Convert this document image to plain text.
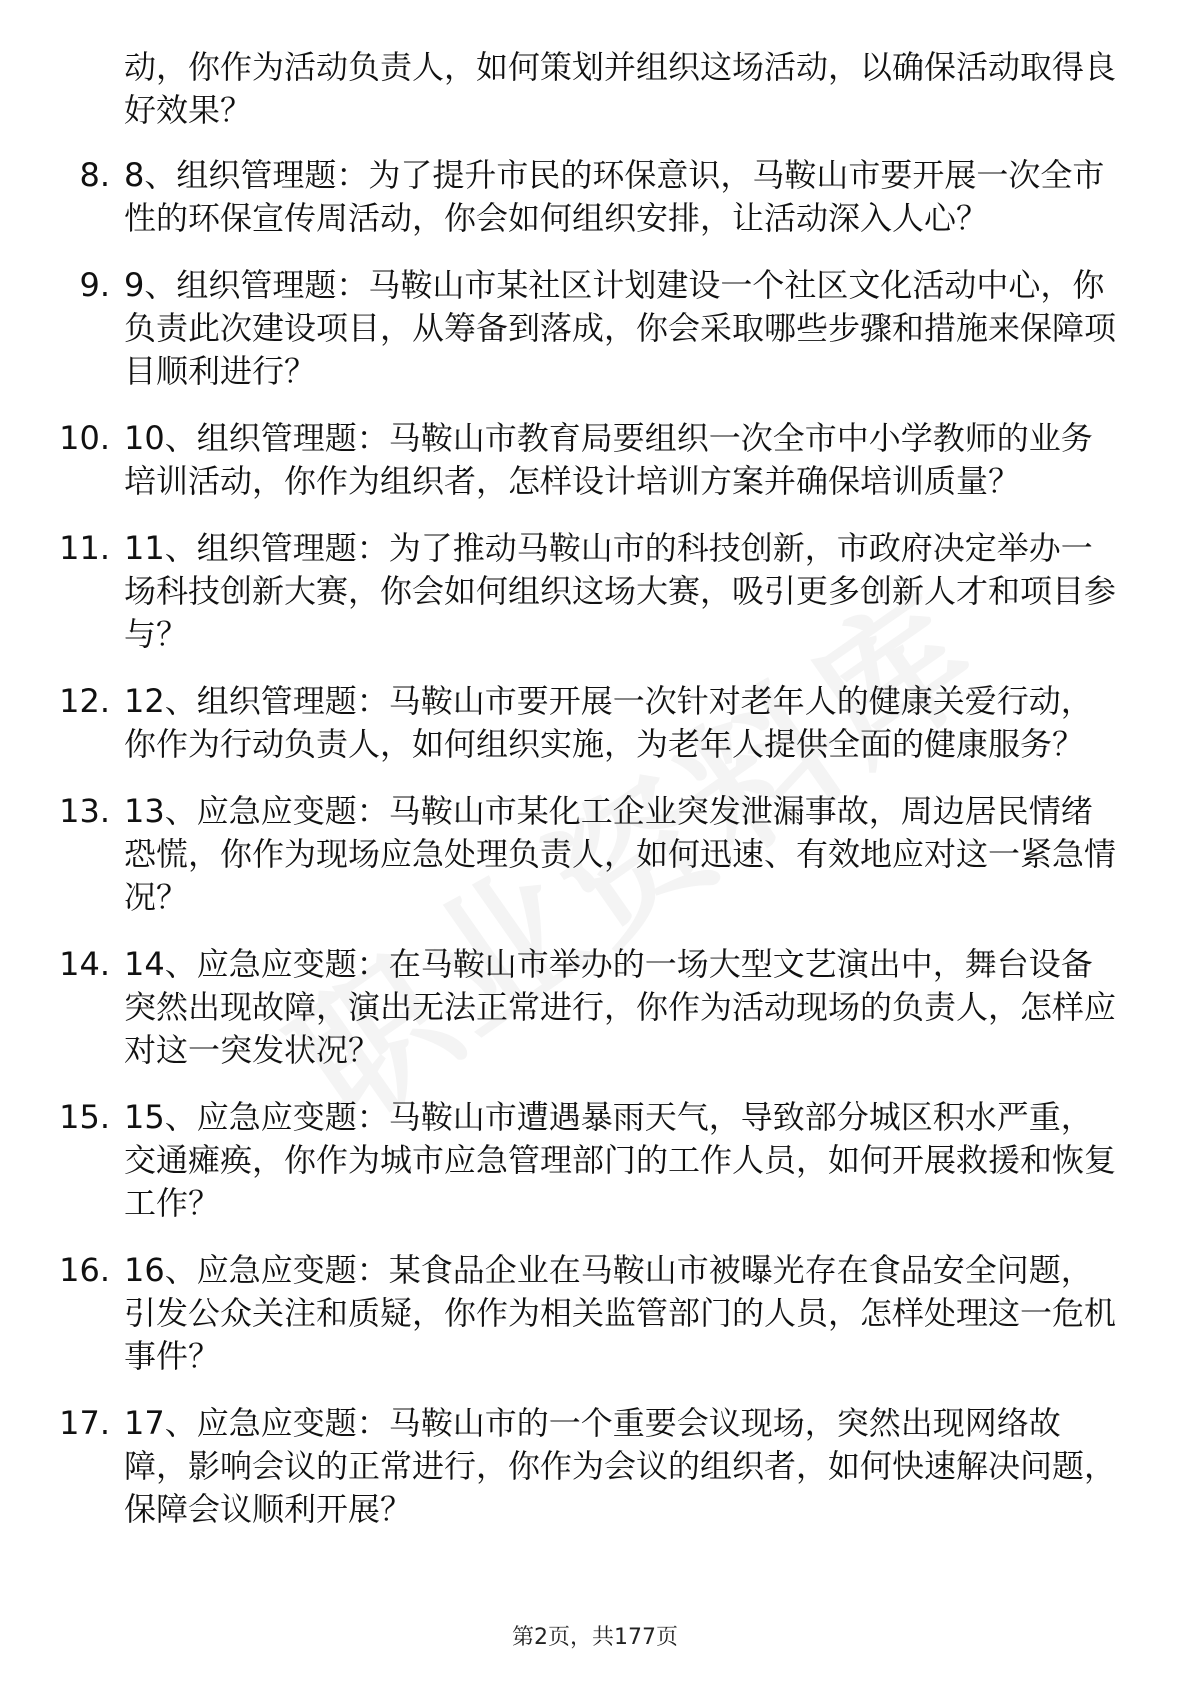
动，你作为活动负责人，如何策划并组织这场活动，以确保活动取得良好效果？
8. 8、组织管理题：为了提升市民的环保意识，马鞍山市要开展一次全市性的环保宣传周活动，你会如何组织安排，让活动深入人心？
9. 9、组织管理题：马鞍山市某社区计划建设一个社区文化活动中心，你负责此次建设项目，从筹备到落成，你会采取哪些步骤和措施来保障项目顺利进行？
10. 10、组织管理题：马鞍山市教育局要组织一次全市中小学教师的业务培训活动，你作为组织者，怎样设计培训方案并确保培训质量？
11. 11、组织管理题：为了推动马鞍山市的科技创新，市政府决定举办一场科技创新大赛，你会如何组织这场大赛，吸引更多创新人才和项目参与？
12. 12、组织管理题：马鞍山市要开展一次针对老年人的健康关爱行动，你作为行动负责人，如何组织实施，为老年人提供全面的健康服务？
13. 13、应急应变题：马鞍山市某化工企业突发泄漏事故，周边居民情绪恐慌，你作为现场应急处理负责人，如何迅速、有效地应对这一紧急情况？
14. 14、应急应变题：在马鞍山市举办的一场大型文艺演出中，舞台设备突然出现故障，演出无法正常进行，你作为活动现场的负责人，怎样应对这一突发状况？
15. 15、应急应变题：马鞍山市遭遇暴雨天气，导致部分城区积水严重，交通瘫痪，你作为城市应急管理部门的工作人员，如何开展救援和恢复工作？
16. 16、应急应变题：某食品企业在马鞍山市被曝光存在食品安全问题，引发公众关注和质疑，你作为相关监管部门的人员，怎样处理这一危机事件？
17. 17、应急应变题：马鞍山市的一个重要会议现场，突然出现网络故障，影响会议的正常进行，你作为会议的组织者，如何快速解决问题，保障会议顺利开展？
第2页，共177页
